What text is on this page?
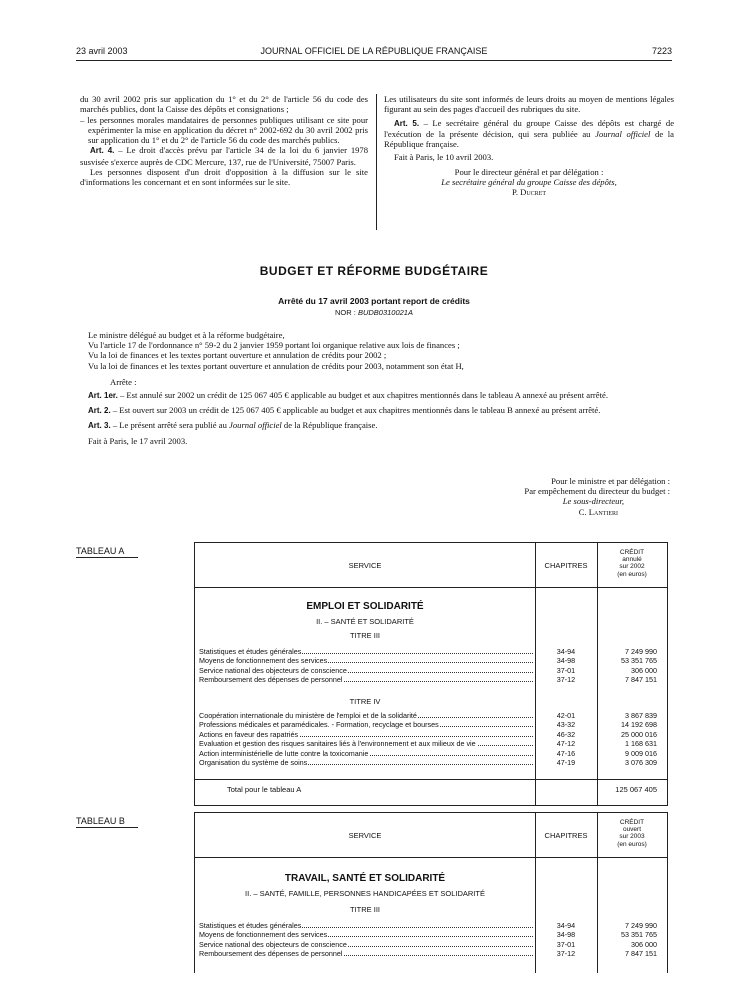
23 avril 2003	JOURNAL OFFICIEL DE LA RÉPUBLIQUE FRANÇAISE	7223

du 30 avril 2002 pris sur application du 1° et du 2° de l'article 56 du code des marchés publics, dont la Caisse des dépôts et consignations ;

– les personnes morales mandataires de personnes publiques utilisant ce site pour expérimenter la mise en application du décret n° 2002-692 du 30 avril 2002 pris sur application du 1° et du 2° de l'article 56 du code des marchés publics.

Art. 4. – Le droit d'accès prévu par l'article 34 de la loi du 6 janvier 1978 susvisée s'exerce auprès de CDC Mercure, 137, rue de l'Université, 75007 Paris.

Les personnes disposent d'un droit d'opposition à la diffusion sur le site d'informations les concernant et en sont informées sur le site.

Les utilisateurs du site sont informés de leurs droits au moyen de mentions légales figurant au sein des pages d'accueil des rubriques du site.

Art. 5. – Le secrétaire général du groupe Caisse des dépôts est chargé de l'exécution de la présente décision, qui sera publiée au Journal officiel de la République française.

Fait à Paris, le 10 avril 2003.

Pour le directeur général et par délégation :

Le secrétaire général du groupe Caisse des dépôts,

P. Ducret

BUDGET ET RÉFORME BUDGÉTAIRE
Arrêté du 17 avril 2003 portant report de crédits
NOR : BUDB0310021A

Le ministre délégué au budget et à la réforme budgétaire,

Vu l'article 17 de l'ordonnance n° 59-2 du 2 janvier 1959 portant loi organique relative aux lois de finances ;

Vu la loi de finances et les textes portant ouverture et annulation de crédits pour 2002 ;

Vu la loi de finances et les textes portant ouverture et annulation de crédits pour 2003, notamment son état H,

Arrête :

Art. 1er. – Est annulé sur 2002 un crédit de 125 067 405 € applicable au budget et aux chapitres mentionnés dans le tableau A annexé au présent arrêté.

Art. 2. – Est ouvert sur 2003 un crédit de 125 067 405 € applicable au budget et aux chapitres mentionnés dans le tableau B annexé au présent arrêté.

Art. 3. – Le présent arrêté sera publié au Journal officiel de la République française.

Fait à Paris, le 17 avril 2003.

Pour le ministre et par délégation :

Par empêchement du directeur du budget :

Le sous-directeur,

C. Lantieri

TABLEAU A
SERVICE	CHAPITRES
CRÉDIT
annulé
sur 2002
(en euros)
EMPLOI ET SOLIDARITÉ
II. – SANTÉ ET SOLIDARITÉ
TITRE III
Statistiques et études générales	34-94	7 249 990
Moyens de fonctionnement des services	34-98	53 351 765
Service national des objecteurs de conscience	37-01	306 000
Remboursement des dépenses de personnel	37-12	7 847 151
TITRE IV
Coopération internationale du ministère de l'emploi et de la solidarité	42-01	3 867 839
Professions médicales et paramédicales. - Formation, recyclage et bourses	43-32	14 192 698
Actions en faveur des rapatriés	46-32	25 000 016
Evaluation et gestion des risques sanitaires liés à l'environnement et aux milieux de vie	47-12	1 168 631
Action interministérielle de lutte contre la toxicomanie	47-16	9 009 016
Organisation du système de soins	47-19	3 076 309
Total pour le tableau A	125 067 405
TABLEAU B
SERVICE	CHAPITRES
CRÉDIT
ouvert
sur 2003
(en euros)
TRAVAIL, SANTÉ ET SOLIDARITÉ
II. – SANTÉ, FAMILLE, PERSONNES HANDICAPÉES ET SOLIDARITÉ
TITRE III
Statistiques et études générales	34-94	7 249 990
Moyens de fonctionnement des services	34-98	53 351 765
Service national des objecteurs de conscience	37-01	306 000
Remboursement des dépenses de personnel	37-12	7 847 151
